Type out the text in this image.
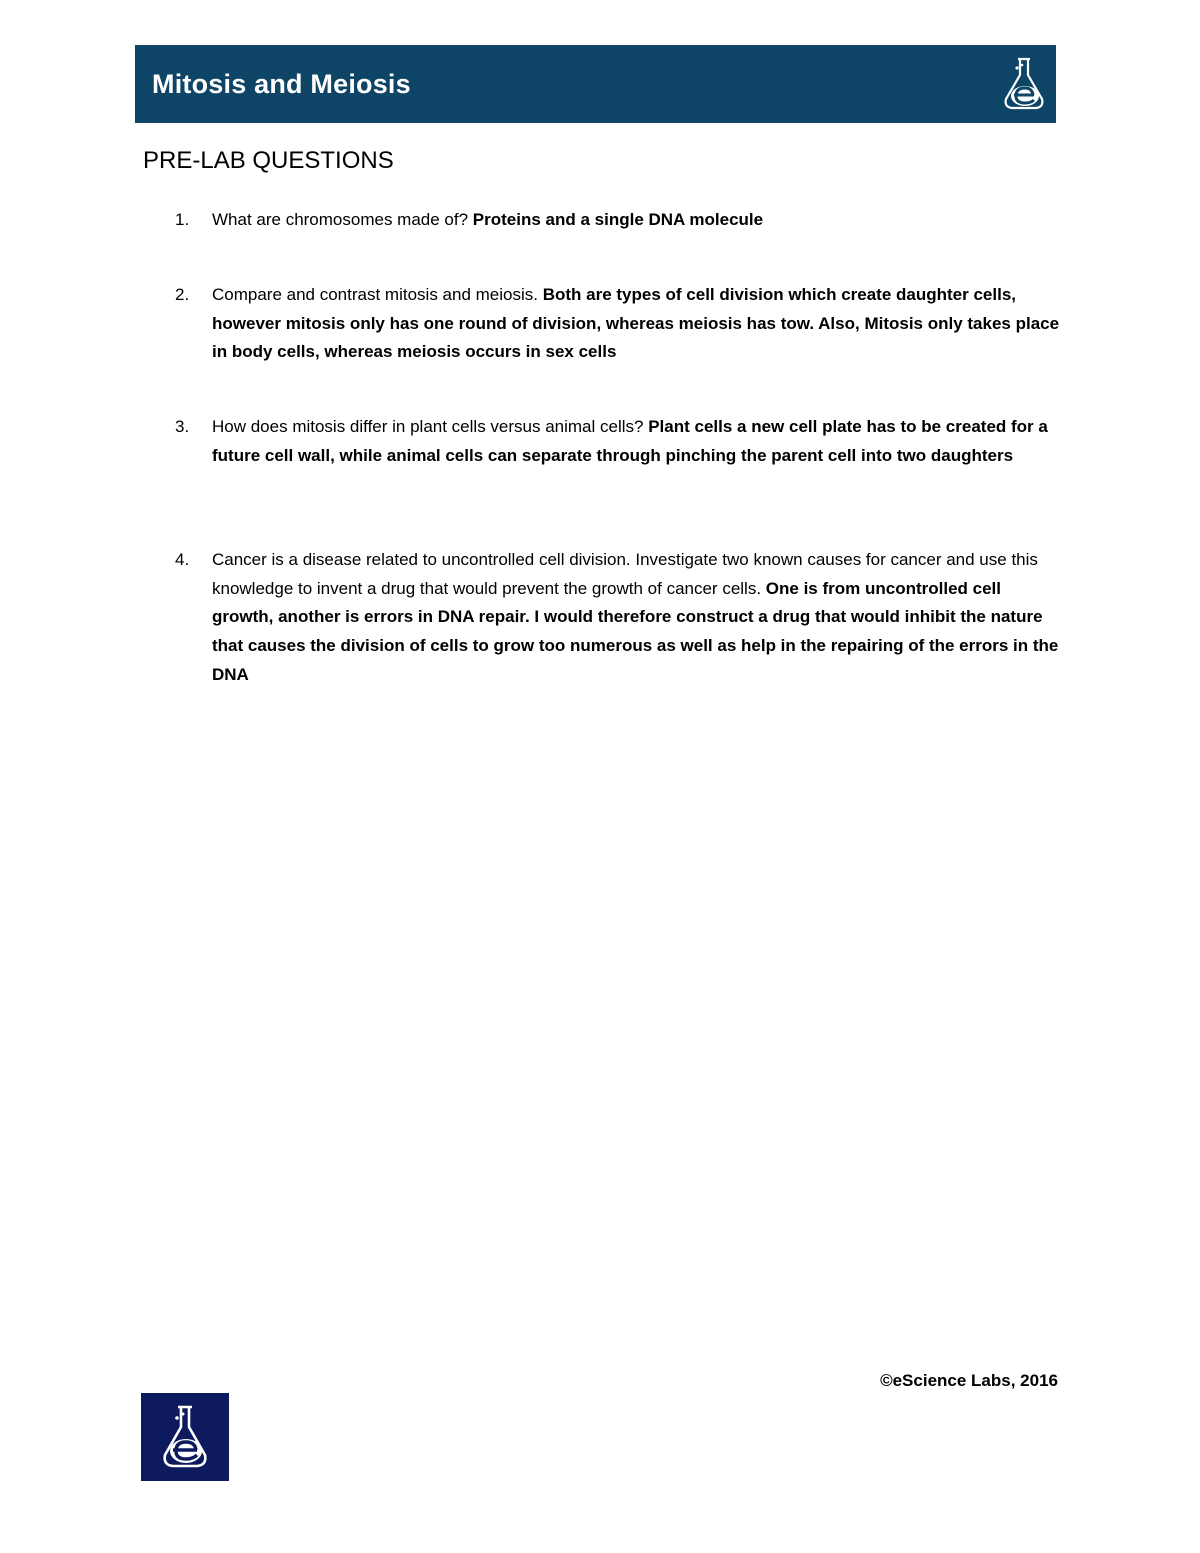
Mitosis and Meiosis
PRE-LAB QUESTIONS
1.	What are chromosomes made of? Proteins and a single DNA molecule
2.	Compare and contrast mitosis and meiosis. Both are types of cell division which create daughter cells, however mitosis only has one round of division, whereas meiosis has tow. Also, Mitosis only takes place in body cells, whereas meiosis occurs in sex cells
3.	How does mitosis differ in plant cells versus animal cells? Plant cells a new cell plate has to be created for a future cell wall, while animal cells can separate through pinching the parent cell into two daughters
4.	Cancer is a disease related to uncontrolled cell division. Investigate two known causes for cancer and use this knowledge to invent a drug that would prevent the growth of cancer cells. One is from uncontrolled cell growth, another is errors in DNA repair. I would therefore construct a drug that would inhibit the nature that causes the division of cells to grow too numerous as well as help in the repairing of the errors in the DNA
©eScience Labs, 2016
